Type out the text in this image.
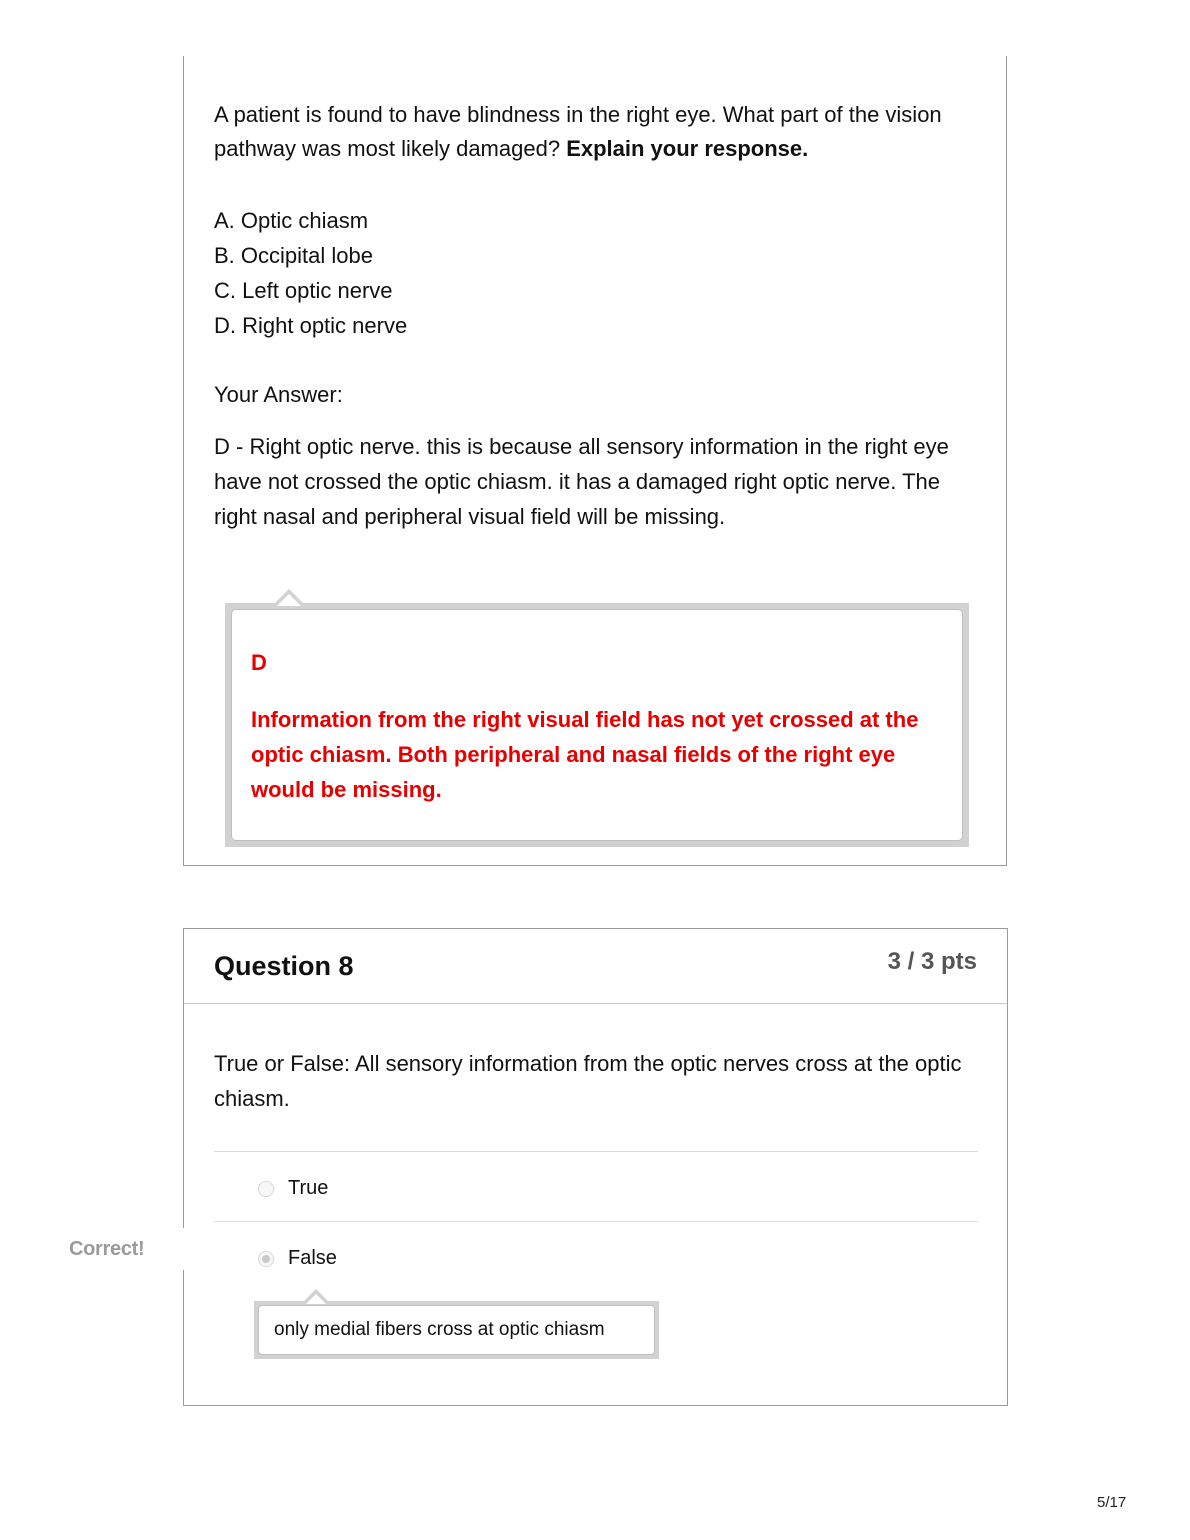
A patient is found to have blindness in the right eye. What part of the vision pathway was most likely damaged? Explain your response.

A. Optic chiasm
B. Occipital lobe
C. Left optic nerve
D. Right optic nerve

Your Answer:

D - Right optic nerve. this is because all sensory information in the right eye have not crossed the optic chiasm. it has a damaged right optic nerve. The right nasal and peripheral visual field will be missing.

D

Information from the right visual field has not yet crossed at the optic chiasm. Both peripheral and nasal fields of the right eye would be missing.

Question 8	3 / 3 pts

True or False: All sensory information from the optic nerves cross at the optic chiasm.

True
False
only medial fibers cross at optic chiasm
Correct!
5/17
